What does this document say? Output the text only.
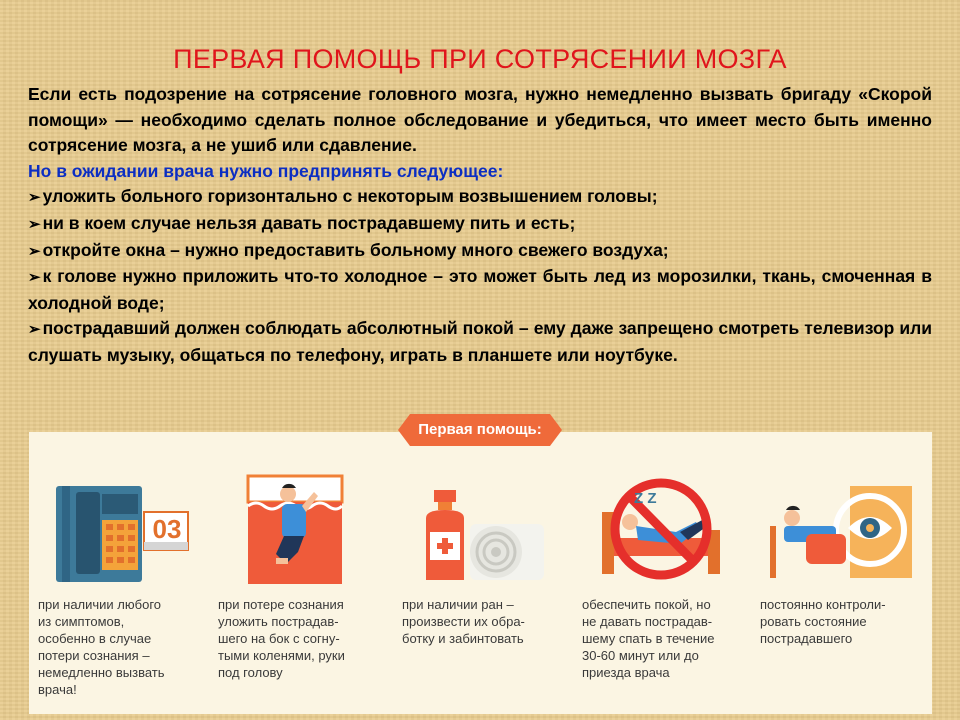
ПЕРВАЯ ПОМОЩЬ ПРИ СОТРЯСЕНИИ МОЗГА

Если есть подозрение на сотрясение головного мозга, нужно немедленно вызвать бригаду «Скорой помощи» — необходимо сделать полное обследование и убедиться, что имеет место быть именно сотрясение мозга, а не ушиб или сдавление.

Но в ожидании врача нужно предпринять следующее:

➢ уложить больного горизонтально с некоторым возвышением головы;

➢ ни в коем случае нельзя давать пострадавшему пить и есть;

➢ откройте окна – нужно предоставить больному много свежего воздуха;

➢ к голове нужно приложить что-то холодное – это может быть лед из морозилки, ткань, смоченная в холодной воде;

➢ пострадавший должен соблюдать абсолютный покой – ему даже запрещено смотреть телевизор или слушать музыку, общаться по телефону, играть в планшете или ноутбуке.

Первая помощь:
03
Z Z
при наличии любого
из симптомов,
особенно в случае
потери сознания –
немедленно вызвать
врача!
при потере сознания
уложить пострадав-
шего на бок с согну-
тыми коленями, руки
под голову
при наличии ран –
произвести их обра-
ботку и забинтовать
обеспечить покой, но
не давать пострадав-
шему спать в течение
30-60 минут или до
приезда врача
постоянно контроли-
ровать состояние
пострадавшего
